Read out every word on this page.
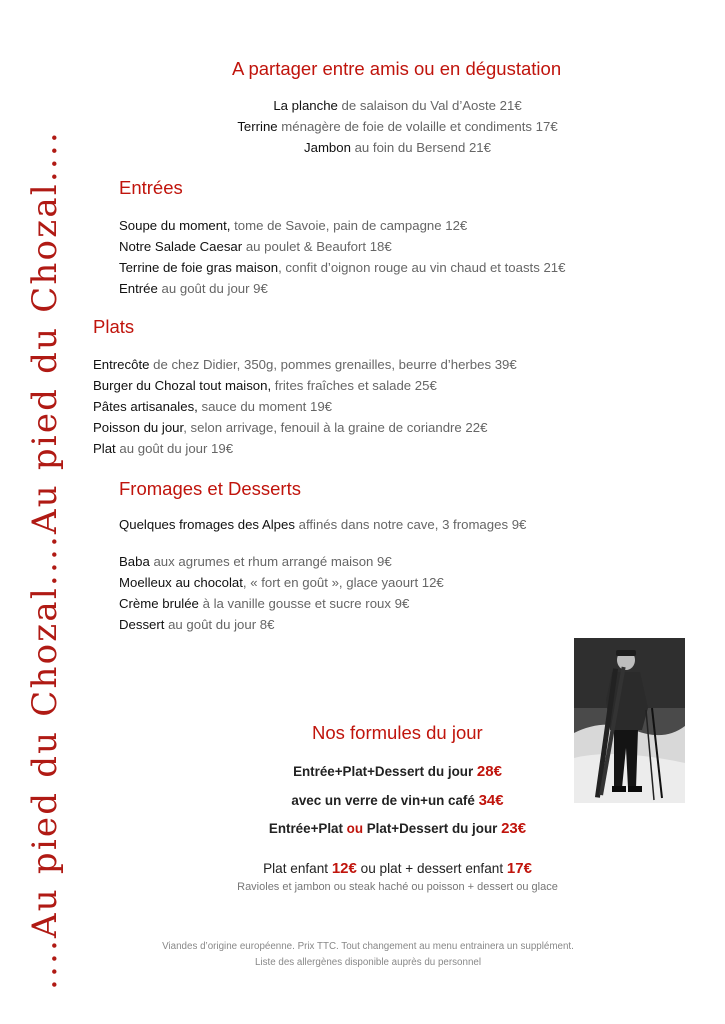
....Au pied du Chozal....Au pied du Chozal....
A partager entre amis ou en dégustation
La planche de salaison du Val d’Aoste 21€
Terrine ménagère de foie de volaille et condiments 17€
Jambon au foin du Bersend 21€
Entrées
Soupe du moment, tome de Savoie, pain de campagne 12€
Notre Salade Caesar au poulet & Beaufort 18€
Terrine de foie gras maison, confit d’oignon rouge au vin chaud et toasts 21€
Entrée au goût du jour 9€
Plats
Entrecôte de chez Didier, 350g, pommes grenailles, beurre d’herbes 39€
Burger du Chozal tout maison, frites fraîches et salade 25€
Pâtes artisanales, sauce du moment 19€
Poisson du jour, selon arrivage, fenouil à la graine de coriandre 22€
Plat au goût du jour 19€
Fromages et Desserts
Quelques fromages des Alpes affinés dans notre cave, 3 fromages 9€
Baba aux agrumes et rhum arrangé maison 9€
Moelleux au chocolat, « fort en goût », glace yaourt 12€
Crème brulée à la vanille gousse et sucre roux 9€
Dessert au goût du jour 8€
Nos formules du jour
Entrée+Plat+Dessert du jour 28€
avec un verre de vin+un café 34€
Entrée+Plat ou Plat+Dessert du jour 23€
Plat enfant 12€ ou plat + dessert enfant 17€
Ravioles et jambon ou steak haché ou poisson + dessert ou glace
Viandes d’origine européenne. Prix TTC. Tout changement au menu entrainera un supplément.
Liste des allergènes disponible auprès du personnel
